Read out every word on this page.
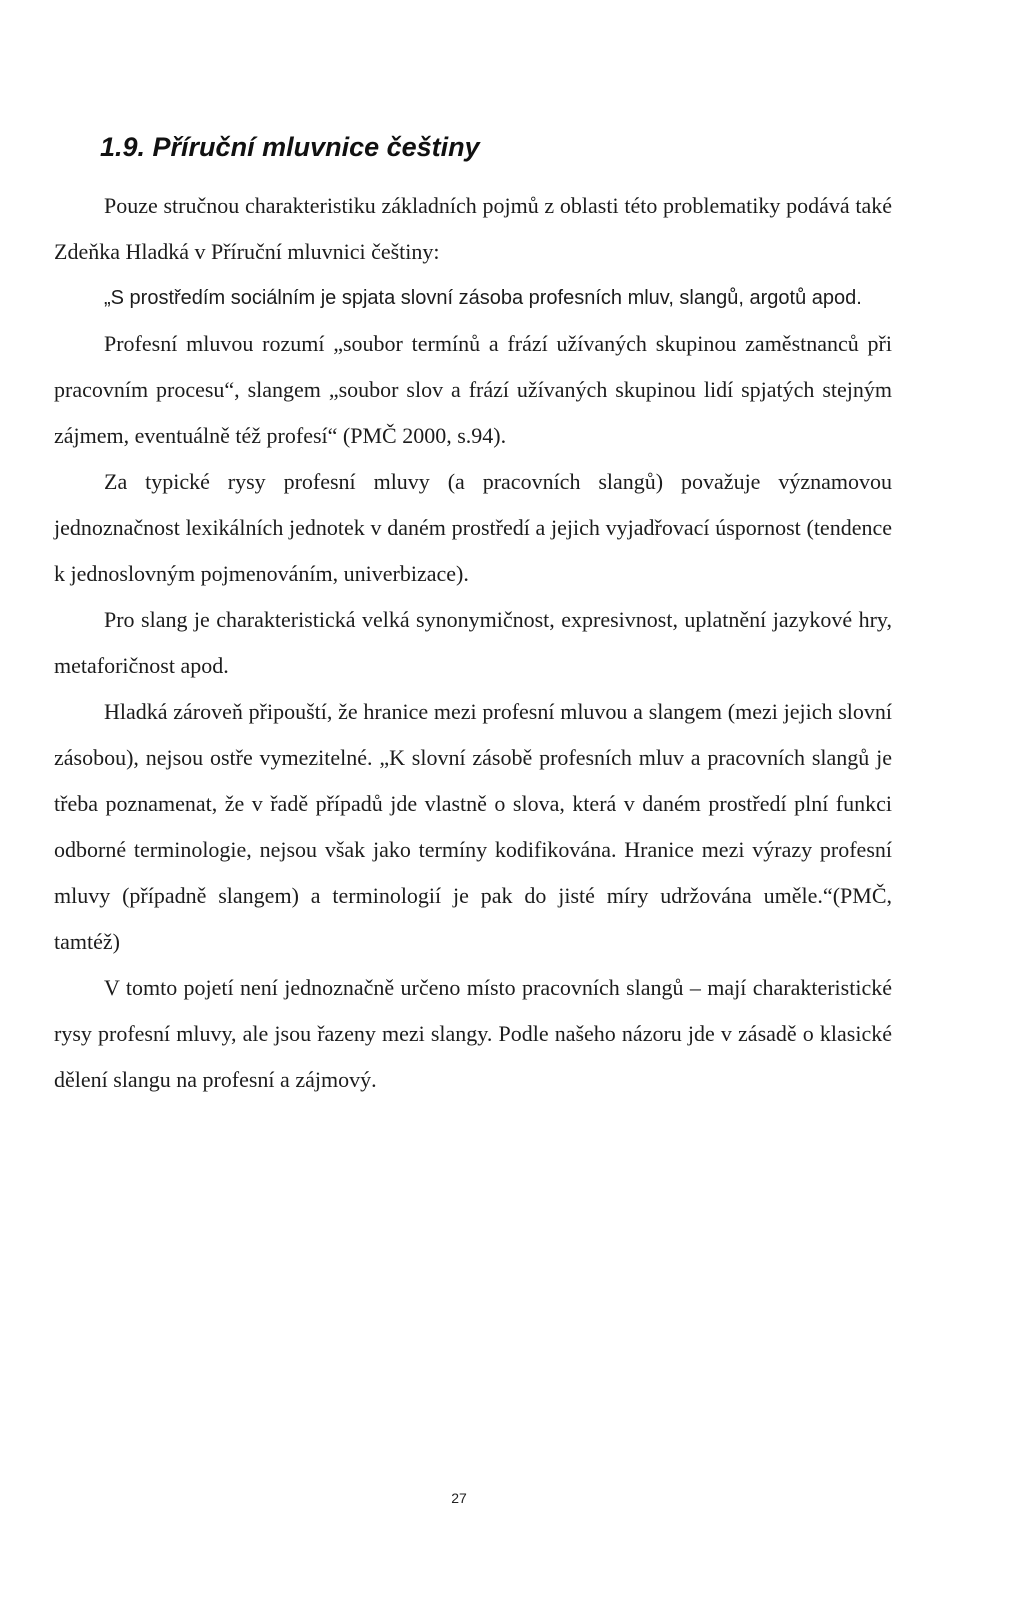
1.9. Příruční mluvnice češtiny

Pouze stručnou charakteristiku základních pojmů z oblasti této problematiky podává také Zdeňka Hladká v Příruční mluvnici češtiny:

„S prostředím sociálním je spjata slovní zásoba profesních mluv, slangů, argotů apod.

Profesní mluvou rozumí „soubor termínů a frází užívaných skupinou zaměstnanců při pracovním procesu“, slangem „soubor slov a frází užívaných skupinou lidí spjatých stejným zájmem, eventuálně též profesí“ (PMČ 2000, s.94).

Za typické rysy profesní mluvy (a pracovních slangů) považuje významovou jednoznačnost lexikálních jednotek v daném prostředí a jejich vyjadřovací úspornost (tendence k jednoslovným pojmenováním, univerbizace).

Pro slang je charakteristická velká synonymičnost, expresivnost, uplatnění jazykové hry, metaforičnost apod.

Hladká zároveň připouští, že hranice mezi profesní mluvou a slangem (mezi jejich slovní zásobou), nejsou ostře vymezitelné. „K slovní zásobě profesních mluv a pracovních slangů je třeba poznamenat, že v řadě případů jde vlastně o slova, která v daném prostředí plní funkci odborné terminologie, nejsou však jako termíny kodifikována. Hranice mezi výrazy profesní mluvy (případně slangem) a terminologií je pak do jisté míry udržována uměle.“(PMČ, tamtéž)

V tomto pojetí není jednoznačně určeno místo pracovních slangů – mají charakteristické rysy profesní mluvy, ale jsou řazeny mezi slangy. Podle našeho názoru jde v zásadě o klasické dělení slangu na profesní a zájmový.

27
